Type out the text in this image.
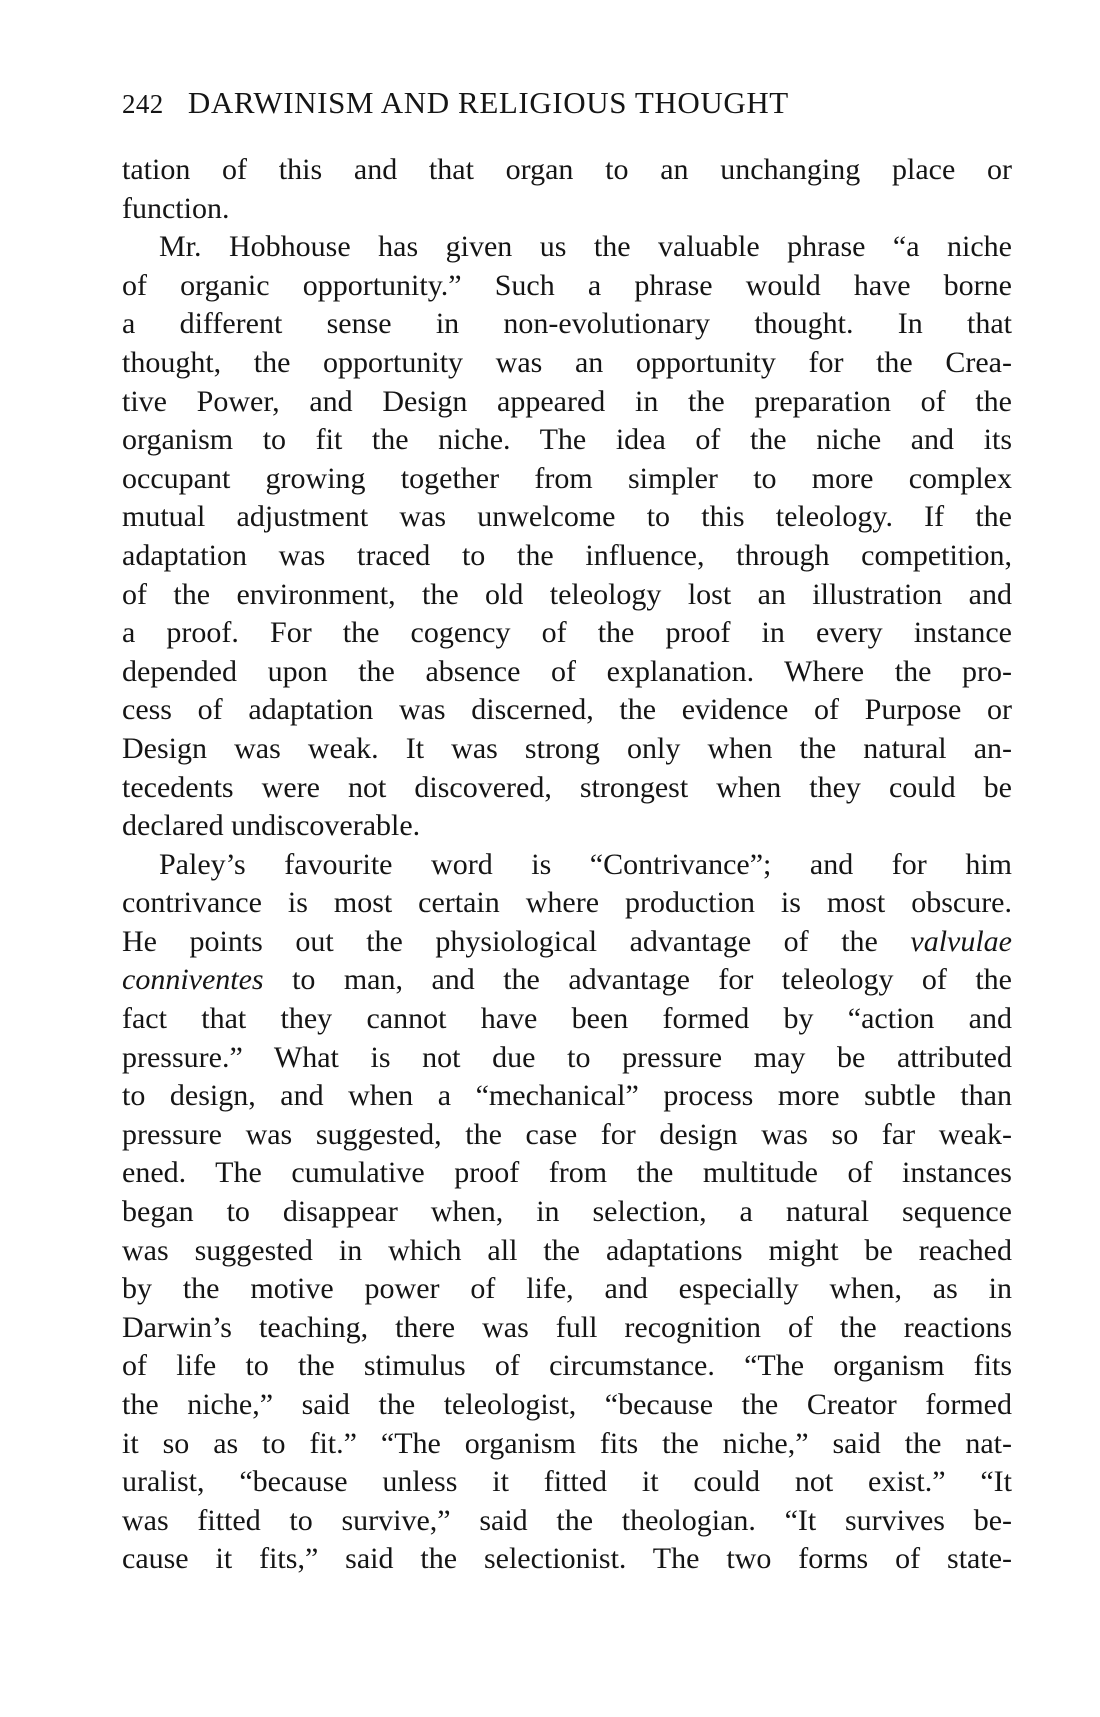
242 DARWINISM AND RELIGIOUS THOUGHT
tation of this and that organ to an unchanging place or
function.
Mr. Hobhouse has given us the valuable phrase “a niche
of organic opportunity.” Such a phrase would have borne
a different sense in non-evolutionary thought. In that
thought, the opportunity was an opportunity for the Crea-
tive Power, and Design appeared in the preparation of the
organism to fit the niche. The idea of the niche and its
occupant growing together from simpler to more complex
mutual adjustment was unwelcome to this teleology. If the
adaptation was traced to the influence, through competition,
of the environment, the old teleology lost an illustration and
a proof. For the cogency of the proof in every instance
depended upon the absence of explanation. Where the pro-
cess of adaptation was discerned, the evidence of Purpose or
Design was weak. It was strong only when the natural an-
tecedents were not discovered, strongest when they could be
declared undiscoverable.
Paley’s favourite word is “Contrivance”; and for him
contrivance is most certain where production is most obscure.
He points out the physiological advantage of the valvulae
conniventes to man, and the advantage for teleology of the
fact that they cannot have been formed by “action and
pressure.” What is not due to pressure may be attributed
to design, and when a “mechanical” process more subtle than
pressure was suggested, the case for design was so far weak-
ened. The cumulative proof from the multitude of instances
began to disappear when, in selection, a natural sequence
was suggested in which all the adaptations might be reached
by the motive power of life, and especially when, as in
Darwin’s teaching, there was full recognition of the reactions
of life to the stimulus of circumstance. “The organism fits
the niche,” said the teleologist, “because the Creator formed
it so as to fit.” “The organism fits the niche,” said the nat-
uralist, “because unless it fitted it could not exist.” “It
was fitted to survive,” said the theologian. “It survives be-
cause it fits,” said the selectionist. The two forms of state-
